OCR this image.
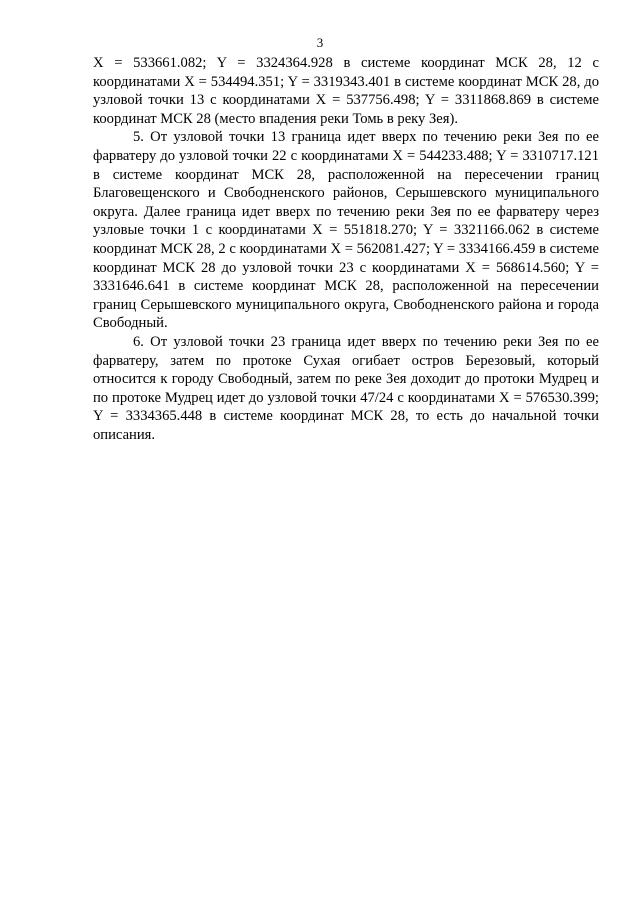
3

X = 533661.082; Y = 3324364.928 в системе координат МСК 28, 12 с координатами X = 534494.351; Y = 3319343.401 в системе координат МСК 28, до узловой точки 13 с координатами X = 537756.498; Y = 3311868.869 в системе координат МСК 28 (место впадения реки Томь в реку Зея).

5. От узловой точки 13 граница идет вверх по течению реки Зея по ее фарватеру до узловой точки 22 с координатами X = 544233.488; Y = 3310717.121 в системе координат МСК 28, расположенной на пересечении границ Благовещенского и Свободненского районов, Серышевского муниципального округа. Далее граница идет вверх по течению реки Зея по ее фарватеру через узловые точки 1 с координатами X = 551818.270; Y = 3321166.062 в системе координат МСК 28, 2 с координатами X = 562081.427; Y = 3334166.459 в системе координат МСК 28 до узловой точки 23 с координатами X = 568614.560; Y = 3331646.641 в системе координат МСК 28, расположенной на пересечении границ Серышевского муниципального округа, Свободненского района и города Свободный.

6. От узловой точки 23 граница идет вверх по течению реки Зея по ее фарватеру, затем по протоке Сухая огибает остров Березовый, который относится к городу Свободный, затем по реке Зея доходит до протоки Мудрец и по протоке Мудрец идет до узловой точки 47/24 с координатами X = 576530.399; Y = 3334365.448 в системе координат МСК 28, то есть до начальной точки описания.
